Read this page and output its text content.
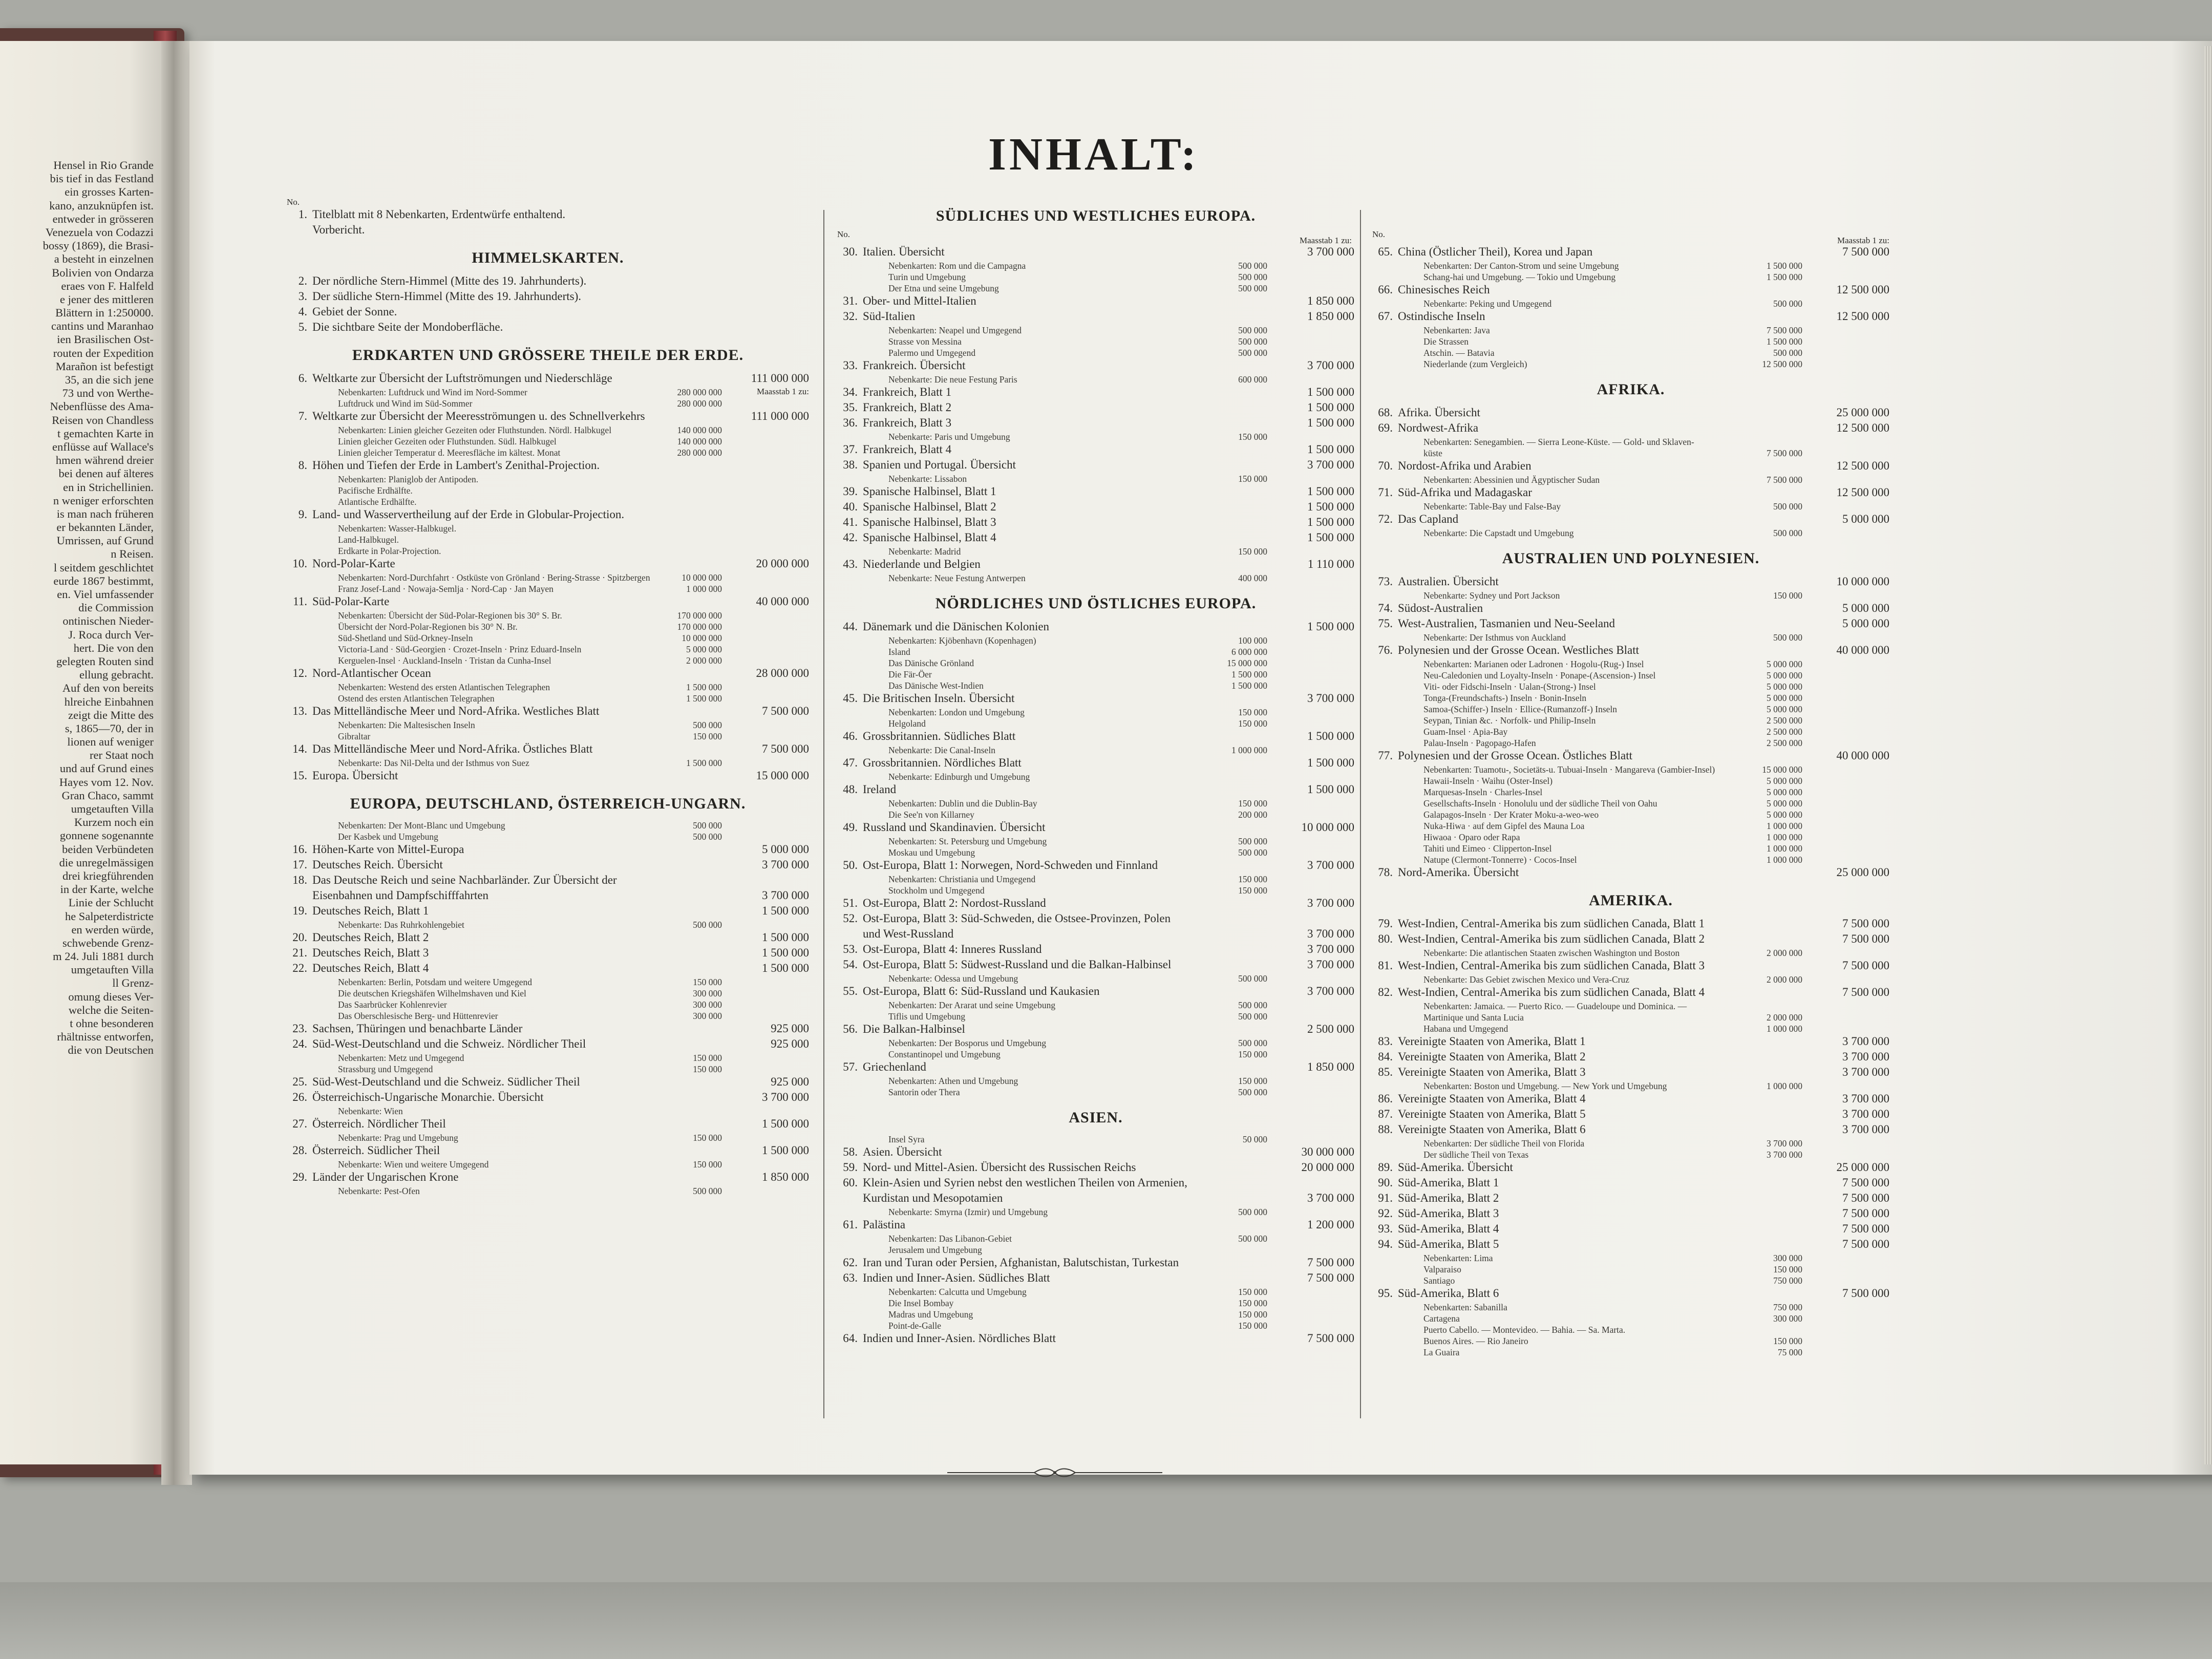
Hensel in Rio Grande
bis tief in das Festland
ein grosses Karten-
kano, anzuknüpfen ist.
entweder in grösseren
Venezuela von Codazzi
bossy (1869), die Brasi-
a besteht in einzelnen
Bolivien von Ondarza
eraes von F. Halfeld
e jener des mittleren
Blättern in 1:250000.
cantins und Maranhao
ien Brasilischen Ost-
routen der Expedition
Marañon ist befestigt
35, an die sich jene
73 und von Werthe-
Nebenflüsse des Ama-
Reisen von Chandless
t gemachten Karte in
enflüsse auf Wallace's
hmen während dreier
bei denen auf älteres
en in Strichellinien.
n weniger erforschten
is man nach früheren
er bekannten Länder,
Umrissen, auf Grund
n Reisen.
l seitdem geschlichtet
eurde 1867 bestimmt,
en. Viel umfassender
die Commission
ontinischen Nieder-
J. Roca durch Ver-
hert. Die von den
gelegten Routen sind
ellung gebracht.
Auf den von bereits
hlreiche Einbahnen
zeigt die Mitte des
s, 1865—70, der in
lionen auf weniger
rer Staat noch
und auf Grund eines
Hayes vom 12. Nov.
Gran Chaco, sammt
umgetauften Villa
Kurzem noch ein
gonnene sogenannte
beiden Verbündeten
die unregelmässigen
drei kriegführenden
in der Karte, welche
Linie der Schlucht
he Salpeterdistricte
en werden würde,
schwebende Grenz-
m 24. Juli 1881 durch
umgetauften Villa
ll Grenz-
omung dieses Ver-
welche die Seiten-
t ohne besonderen
rhältnisse entworfen,
die von Deutschen
INHALT:
No.
1. Titelblatt mit 8 Nebenkarten, Erdentwürfe enthaltend.
Vorbericht.
HIMMELSKARTEN.
2. Der nördliche Stern-Himmel (Mitte des 19. Jahrhunderts).
3. Der südliche Stern-Himmel (Mitte des 19. Jahrhunderts).
4. Gebiet der Sonne.
5. Die sichtbare Seite der Mondoberfläche.
ERDKARTEN UND GRÖSSERE THEILE DER ERDE.
6. Weltkarte zur Übersicht der Luftströmungen und Niederschläge	111 000 000
Nebenkarten: Luftdruck und Wind im Nord-Sommer	280 000 000
Luftdruck und Wind im Süd-Sommer	280 000 000
7. Weltkarte zur Übersicht der Meeresströmungen u. des Schnellverkehrs	111 000 000
Nebenkarten: Linien gleicher Gezeiten oder Fluthstunden. Nördl. Halbkugel	140 000 000
Linien gleicher Gezeiten oder Fluthstunden. Südl. Halbkugel	140 000 000
Linien gleicher Temperatur d. Meeresfläche im kältest. Monat	280 000 000
8. Höhen und Tiefen der Erde in Lambert's Zenithal-Projection.
Nebenkarten: Planiglob der Antipoden.
Pacifische Erdhälfte.
Atlantische Erdhälfte.
9. Land- und Wasservertheilung auf der Erde in Globular-Projection.
Nebenkarten: Wasser-Halbkugel.
Land-Halbkugel.
Erdkarte in Polar-Projection.
10. Nord-Polar-Karte	20 000 000
Nebenkarten: Nord-Durchfahrt · Ostküste von Grönland · Bering-Strasse · Spitzbergen	10 000 000
Franz Josef-Land · Nowaja-Semlja · Nord-Cap · Jan Mayen	1 000 000
11. Süd-Polar-Karte	40 000 000
Nebenkarten: Übersicht der Süd-Polar-Regionen bis 30° S. Br.	170 000 000
Übersicht der Nord-Polar-Regionen bis 30° N. Br.	170 000 000
Süd-Shetland und Süd-Orkney-Inseln	10 000 000
Victoria-Land · Süd-Georgien · Crozet-Inseln · Prinz Eduard-Inseln	5 000 000
Kerguelen-Insel · Auckland-Inseln · Tristan da Cunha-Insel	2 000 000
12. Nord-Atlantischer Ocean	28 000 000
Nebenkarten: Westend des ersten Atlantischen Telegraphen	1 500 000
Ostend des ersten Atlantischen Telegraphen	1 500 000
13. Das Mittelländische Meer und Nord-Afrika. Westliches Blatt	7 500 000
Nebenkarten: Die Maltesischen Inseln	500 000
Gibraltar	150 000
14. Das Mittelländische Meer und Nord-Afrika. Östliches Blatt	7 500 000
Nebenkarte: Das Nil-Delta und der Isthmus von Suez	1 500 000
15. Europa. Übersicht	15 000 000
EUROPA, DEUTSCHLAND, ÖSTERREICH-UNGARN.
Nebenkarten: Der Mont-Blanc und Umgebung	500 000
Der Kasbek und Umgebung	500 000
16. Höhen-Karte von Mittel-Europa	5 000 000
17. Deutsches Reich. Übersicht	3 700 000
18. Das Deutsche Reich und seine Nachbarländer. Zur Übersicht der
Eisenbahnen und Dampfschifffahrten	3 700 000
19. Deutsches Reich, Blatt 1	1 500 000
Nebenkarte: Das Ruhrkohlengebiet	500 000
20. Deutsches Reich, Blatt 2	1 500 000
21. Deutsches Reich, Blatt 3	1 500 000
22. Deutsches Reich, Blatt 4	1 500 000
Nebenkarten: Berlin, Potsdam und weitere Umgegend	150 000
Die deutschen Kriegshäfen Wilhelmshaven und Kiel	300 000
Das Saarbrücker Kohlenrevier	300 000
Das Oberschlesische Berg- und Hüttenrevier	300 000
23. Sachsen, Thüringen und benachbarte Länder	925 000
24. Süd-West-Deutschland und die Schweiz. Nördlicher Theil	925 000
Nebenkarten: Metz und Umgegend	150 000
Strassburg und Umgegend	150 000
25. Süd-West-Deutschland und die Schweiz. Südlicher Theil	925 000
26. Österreichisch-Ungarische Monarchie. Übersicht	3 700 000
Nebenkarte: Wien
27. Österreich. Nördlicher Theil	1 500 000
Nebenkarte: Prag und Umgebung	150 000
28. Österreich. Südlicher Theil	1 500 000
Nebenkarte: Wien und weitere Umgegend	150 000
29. Länder der Ungarischen Krone	1 850 000
Nebenkarte: Pest-Ofen	500 000
No.
SÜDLICHES UND WESTLICHES EUROPA.
Maasstab 1 zu:
30. Italien. Übersicht	3 700 000
Nebenkarten: Rom und die Campagna	500 000
Turin und Umgebung	500 000
Der Etna und seine Umgebung	500 000
31. Ober- und Mittel-Italien	1 850 000
32. Süd-Italien	1 850 000
Nebenkarten: Neapel und Umgegend	500 000
Strasse von Messina	500 000
Palermo und Umgegend	500 000
33. Frankreich. Übersicht	3 700 000
Nebenkarte: Die neue Festung Paris	600 000
34. Frankreich, Blatt 1	1 500 000
35. Frankreich, Blatt 2	1 500 000
36. Frankreich, Blatt 3	1 500 000
Nebenkarte: Paris und Umgebung	150 000
37. Frankreich, Blatt 4	1 500 000
38. Spanien und Portugal. Übersicht	3 700 000
Nebenkarte: Lissabon	150 000
39. Spanische Halbinsel, Blatt 1	1 500 000
40. Spanische Halbinsel, Blatt 2	1 500 000
41. Spanische Halbinsel, Blatt 3	1 500 000
42. Spanische Halbinsel, Blatt 4	1 500 000
Nebenkarte: Madrid	150 000
43. Niederlande und Belgien	1 110 000
Nebenkarte: Neue Festung Antwerpen	400 000
NÖRDLICHES UND ÖSTLICHES EUROPA.
44. Dänemark und die Dänischen Kolonien	1 500 000
Nebenkarten: Kjöbenhavn (Kopenhagen)	100 000
Island	6 000 000
Das Dänische Grönland	15 000 000
Die Fär-Öer	1 500 000
Das Dänische West-Indien	1 500 000
45. Die Britischen Inseln. Übersicht	3 700 000
Nebenkarten: London und Umgebung	150 000
Helgoland	150 000
46. Grossbritannien. Südliches Blatt	1 500 000
Nebenkarte: Die Canal-Inseln	1 000 000
47. Grossbritannien. Nördliches Blatt	1 500 000
Nebenkarte: Edinburgh und Umgebung
48. Ireland	1 500 000
Nebenkarten: Dublin und die Dublin-Bay	150 000
Die See'n von Killarney	200 000
49. Russland und Skandinavien. Übersicht	10 000 000
Nebenkarten: St. Petersburg und Umgebung	500 000
Moskau und Umgebung	500 000
50. Ost-Europa, Blatt 1: Norwegen, Nord-Schweden und Finnland	3 700 000
Nebenkarten: Christiania und Umgegend	150 000
Stockholm und Umgegend	150 000
51. Ost-Europa, Blatt 2: Nordost-Russland	3 700 000
52. Ost-Europa, Blatt 3: Süd-Schweden, die Ostsee-Provinzen, Polen
und West-Russland	3 700 000
53. Ost-Europa, Blatt 4: Inneres Russland	3 700 000
54. Ost-Europa, Blatt 5: Südwest-Russland und die Balkan-Halbinsel	3 700 000
Nebenkarte: Odessa und Umgebung	500 000
55. Ost-Europa, Blatt 6: Süd-Russland und Kaukasien	3 700 000
Nebenkarten: Der Ararat und seine Umgebung	500 000
Tiflis und Umgebung	500 000
56. Die Balkan-Halbinsel	2 500 000
Nebenkarten: Der Bosporus und Umgebung	500 000
Constantinopel und Umgebung	150 000
57. Griechenland	1 850 000
Nebenkarten: Athen und Umgebung	150 000
Santorin oder Thera	500 000
ASIEN.
Insel Syra	50 000
58. Asien. Übersicht	30 000 000
59. Nord- und Mittel-Asien. Übersicht des Russischen Reichs	20 000 000
60. Klein-Asien und Syrien nebst den westlichen Theilen von Armenien,
Kurdistan und Mesopotamien	3 700 000
Nebenkarte: Smyrna (Izmir) und Umgebung	500 000
61. Palästina	1 200 000
Nebenkarten: Das Libanon-Gebiet	500 000
Jerusalem und Umgebung
62. Iran und Turan oder Persien, Afghanistan, Balutschistan, Turkestan	7 500 000
63. Indien und Inner-Asien. Südliches Blatt	7 500 000
Nebenkarten: Calcutta und Umgebung	150 000
Die Insel Bombay	150 000
Madras und Umgebung	150 000
Point-de-Galle	150 000
64. Indien und Inner-Asien. Nördliches Blatt	7 500 000
No.
Maasstab 1 zu:
65. China (Östlicher Theil), Korea und Japan	7 500 000
Nebenkarten: Der Canton-Strom und seine Umgebung	1 500 000
Schang-hai und Umgebung. — Tokio und Umgebung	1 500 000
66. Chinesisches Reich	12 500 000
Nebenkarte: Peking und Umgegend	500 000
67. Ostindische Inseln	12 500 000
Nebenkarten: Java	7 500 000
Die Strassen	1 500 000
Atschin. — Batavia	500 000
Niederlande (zum Vergleich)	12 500 000
AFRIKA.
68. Afrika. Übersicht	25 000 000
69. Nordwest-Afrika	12 500 000
Nebenkarten: Senegambien. — Sierra Leone-Küste. — Gold- und Sklaven-
küste	7 500 000
70. Nordost-Afrika und Arabien	12 500 000
Nebenkarten: Abessinien und Ägyptischer Sudan	7 500 000
71. Süd-Afrika und Madagaskar	12 500 000
Nebenkarte: Table-Bay und False-Bay	500 000
72. Das Capland	5 000 000
Nebenkarte: Die Capstadt und Umgebung	500 000
AUSTRALIEN UND POLYNESIEN.
73. Australien. Übersicht	10 000 000
Nebenkarte: Sydney und Port Jackson	150 000
74. Südost-Australien	5 000 000
75. West-Australien, Tasmanien und Neu-Seeland	5 000 000
Nebenkarte: Der Isthmus von Auckland	500 000
76. Polynesien und der Grosse Ocean. Westliches Blatt	40 000 000
Nebenkarten: Marianen oder Ladronen · Hogolu-(Rug-) Insel	5 000 000
Neu-Caledonien und Loyalty-Inseln · Ponape-(Ascension-) Insel	5 000 000
Viti- oder Fidschi-Inseln · Ualan-(Strong-) Insel	5 000 000
Tonga-(Freundschafts-) Inseln · Bonin-Inseln	5 000 000
Samoa-(Schiffer-) Inseln · Ellice-(Rumanzoff-) Inseln	5 000 000
Seypan, Tinian &c. · Norfolk- und Philip-Inseln	2 500 000
Guam-Insel · Apia-Bay	2 500 000
Palau-Inseln · Pagopago-Hafen	2 500 000
77. Polynesien und der Grosse Ocean. Östliches Blatt	40 000 000
Nebenkarten: Tuamotu-, Societäts-u. Tubuai-Inseln · Mangareva (Gambier-Insel)	15 000 000
Hawaii-Inseln · Waihu (Oster-Insel)	5 000 000
Marquesas-Inseln · Charles-Insel	5 000 000
Gesellschafts-Inseln · Honolulu und der südliche Theil von Oahu	5 000 000
Galapagos-Inseln · Der Krater Moku-a-weo-weo	5 000 000
Nuka-Hiwa · auf dem Gipfel des Mauna Loa	1 000 000
Hiwaoa · Oparo oder Rapa	1 000 000
Tahiti und Eimeo · Clipperton-Insel	1 000 000
Natupe (Clermont-Tonnerre) · Cocos-Insel	1 000 000
78. Nord-Amerika. Übersicht	25 000 000
AMERIKA.
79. West-Indien, Central-Amerika bis zum südlichen Canada, Blatt 1	7 500 000
80. West-Indien, Central-Amerika bis zum südlichen Canada, Blatt 2	7 500 000
Nebenkarte: Die atlantischen Staaten zwischen Washington und Boston	2 000 000
81. West-Indien, Central-Amerika bis zum südlichen Canada, Blatt 3	7 500 000
Nebenkarte: Das Gebiet zwischen Mexico und Vera-Cruz	2 000 000
82. West-Indien, Central-Amerika bis zum südlichen Canada, Blatt 4	7 500 000
Nebenkarten: Jamaica. — Puerto Rico. — Guadeloupe und Dominica. —
Martinique und Santa Lucia	2 000 000
Habana und Umgegend	1 000 000
83. Vereinigte Staaten von Amerika, Blatt 1	3 700 000
84. Vereinigte Staaten von Amerika, Blatt 2	3 700 000
85. Vereinigte Staaten von Amerika, Blatt 3	3 700 000
Nebenkarten: Boston und Umgebung. — New York und Umgebung	1 000 000
86. Vereinigte Staaten von Amerika, Blatt 4	3 700 000
87. Vereinigte Staaten von Amerika, Blatt 5	3 700 000
88. Vereinigte Staaten von Amerika, Blatt 6	3 700 000
Nebenkarten: Der südliche Theil von Florida	3 700 000
Der südliche Theil von Texas	3 700 000
89. Süd-Amerika. Übersicht	25 000 000
90. Süd-Amerika, Blatt 1	7 500 000
91. Süd-Amerika, Blatt 2	7 500 000
92. Süd-Amerika, Blatt 3	7 500 000
93. Süd-Amerika, Blatt 4	7 500 000
94. Süd-Amerika, Blatt 5	7 500 000
Nebenkarten: Lima	300 000
Valparaiso	150 000
Santiago	750 000
95. Süd-Amerika, Blatt 6	7 500 000
Nebenkarten: Sabanilla	750 000
Cartagena	300 000
Puerto Cabello. — Montevideo. — Bahia. — Sa. Marta.
Buenos Aires. — Rio Janeiro	150 000
La Guaira	75 000
Maasstab 1 zu:
